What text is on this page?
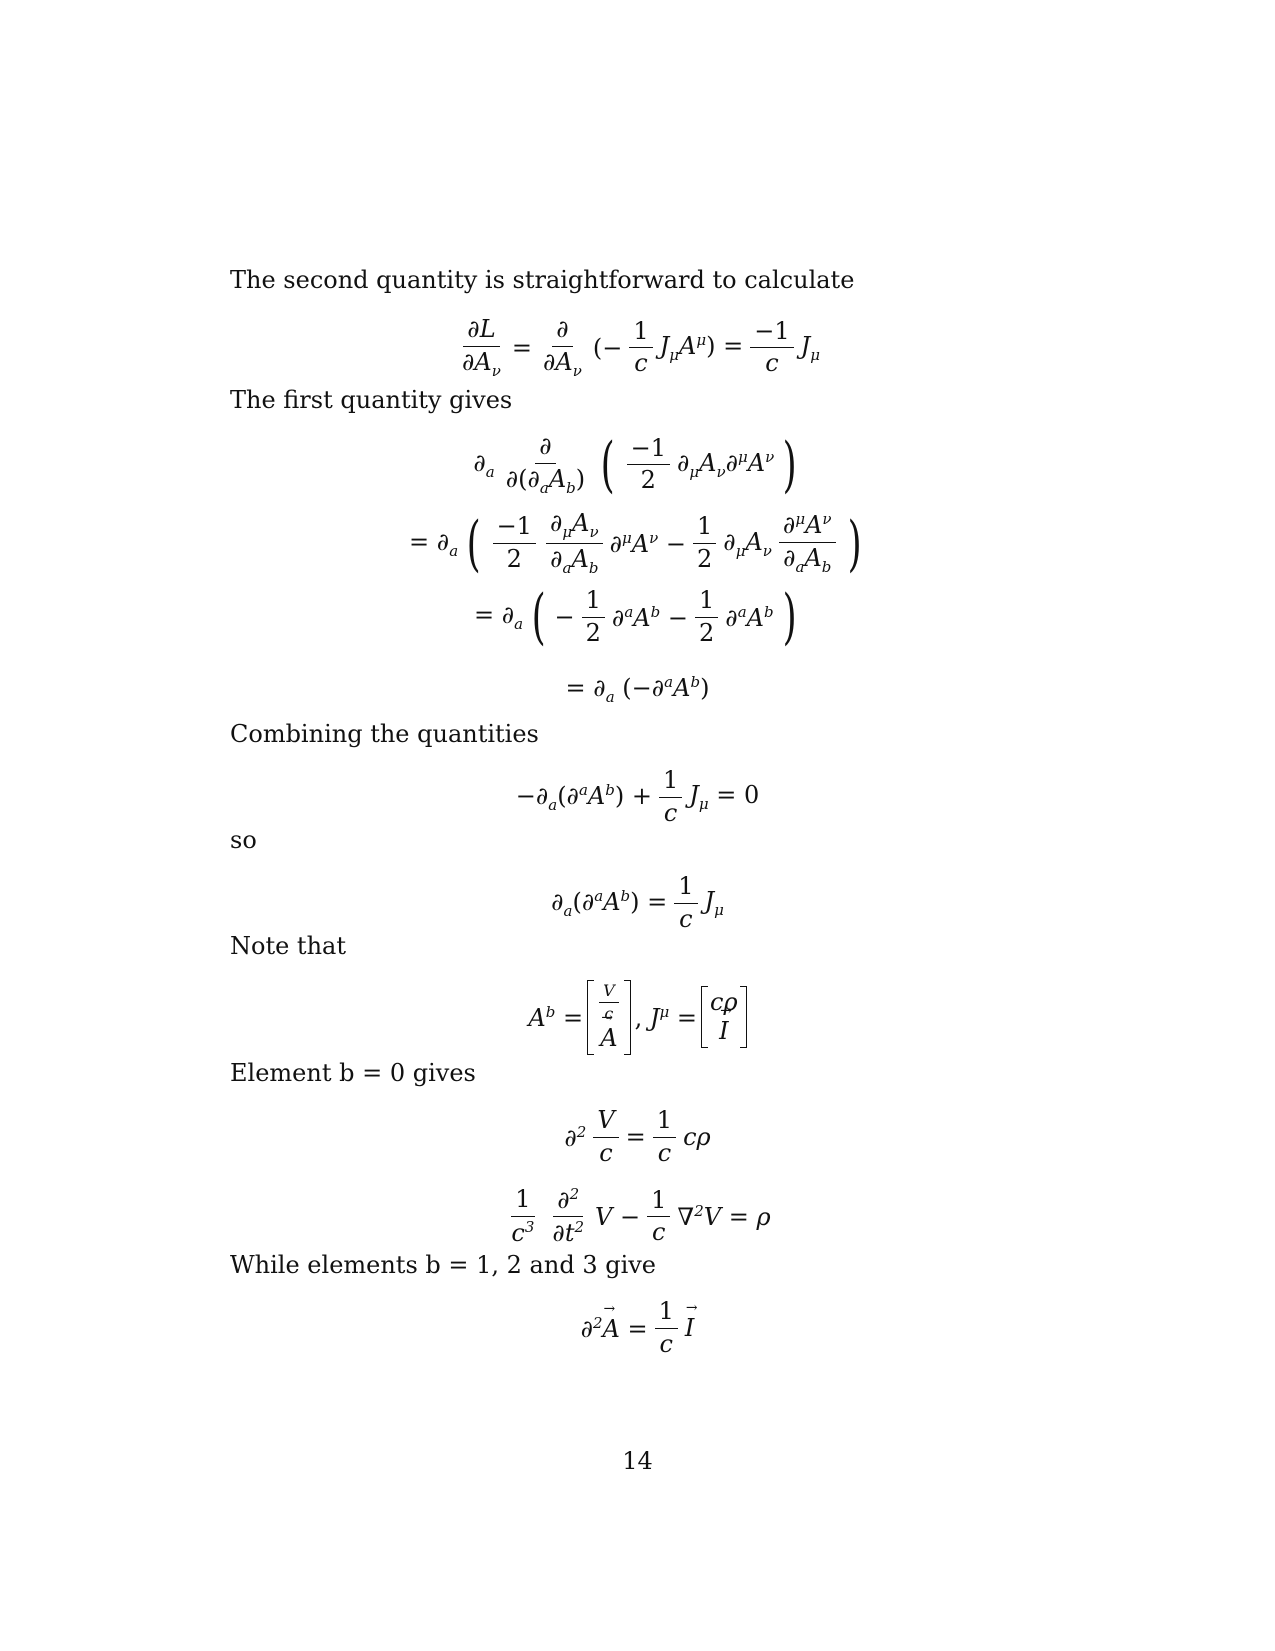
The second quantity is straightforward to calculate
$\frac{\partial L}{\partial A_\nu} = \frac{\partial}{\partial A_\nu}$ (− $\frac{1}{c} J_\mu A^\mu) = \frac{-1}{c} J_\mu$
The first quantity gives
$\partial_a \frac{\partial}{\partial(\partial_aA_b)}$ ( $\frac{-1}{2} \partial_\mu A_\nu\partial^\mu A^\nu$ )
= $\partial_a$ ( $\frac{-1}{2} \frac{\partial_\mu A_\nu}{\partial_aA_b} \partial^\mu A^\nu - \frac{1}{2} \partial_\mu A_\nu \frac{\partial^\mu A^\nu}{\partial_aA_b}$ )
= $\partial_a$ ( − $\frac{1}{2} \partial^aA^b - \frac{1}{2} \partial^aA^b$ )
= $\partial_a$ $(-\partial^aA^b)$
Combining the quantities
$-\partial_a(\partial^aA^b) + \frac{1}{c} J_\mu = 0$
so
$\partial_a(\partial^aA^b) = \frac{1}{c} J_\mu$
Note that
$A^b = \frac{V}{c}$
→ A
, $J^\mu$ =
cρ
→ I
Element b = 0 gives
$\partial^2 \frac{V}{c} = \frac{1}{c}$ cρ
$\frac{1}{c^3} \frac{\partial^2}{\partial t^2}$ $V - \frac{1}{c} \nabla^2V = \rho$
While elements b = 1, 2 and 3 give
$\partial^2\to A = \frac{1}{c}$
→ I
14
